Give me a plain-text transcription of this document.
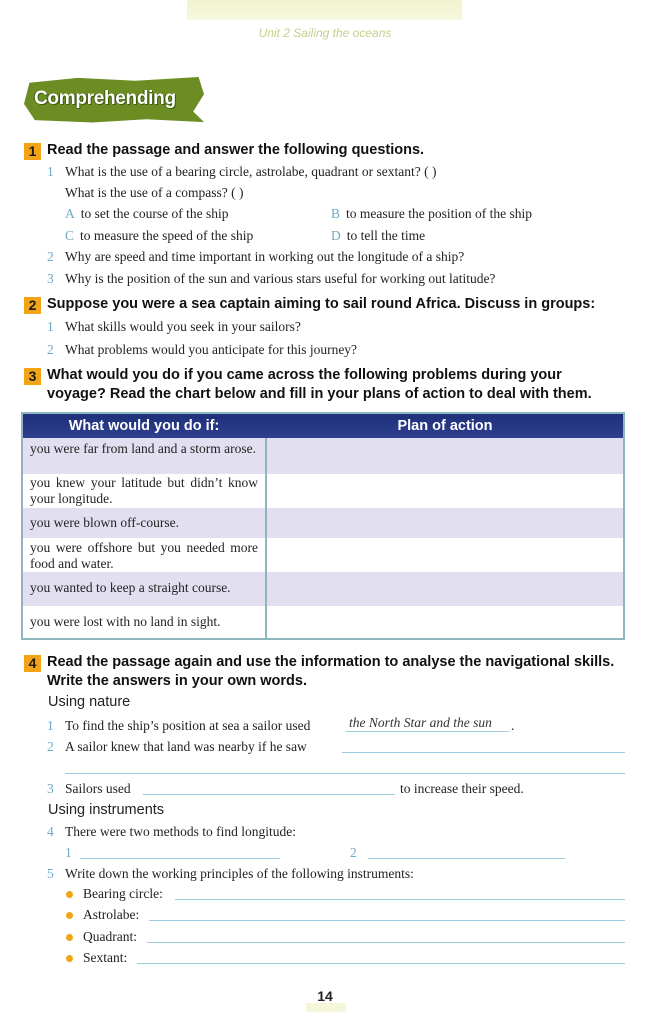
Unit 2 Sailing the oceans
Comprehending
1 Read the passage and answer the following questions.
1 What is the use of a bearing circle, astrolabe, quadrant or sextant? ( )
What is the use of a compass? ( )
A to set the course of the ship	B to measure the position of the ship
C to measure the speed of the ship	D to tell the time
2 Why are speed and time important in working out the longitude of a ship?
3 Why is the position of the sun and various stars useful for working out latitude?
2 Suppose you were a sea captain aiming to sail round Africa. Discuss in groups:
1 What skills would you seek in your sailors?
2 What problems would you anticipate for this journey?
3 What would you do if you came across the following problems during your
voyage? Read the chart below and fill in your plans of action to deal with them.
What would you do if:	Plan of action
you were far from land and a storm arose.
you knew your latitude but didn’t know your longitude.
you were blown off-course.
you were offshore but you needed more food and water.
you wanted to keep a straight course.
you were lost with no land in sight.
4 Read the passage again and use the information to analyse the navigational skills.
Write the answers in your own words.
Using nature
1 To find the ship’s position at sea a sailor used	the North Star and the sun .
2 A sailor knew that land was nearby if he saw
3 Sailors used	to increase their speed.
Using instruments
4 There were two methods to find longitude:
1	2
5 Write down the working principles of the following instruments:
Bearing circle:
Astrolabe:
Quadrant:
Sextant:
14
